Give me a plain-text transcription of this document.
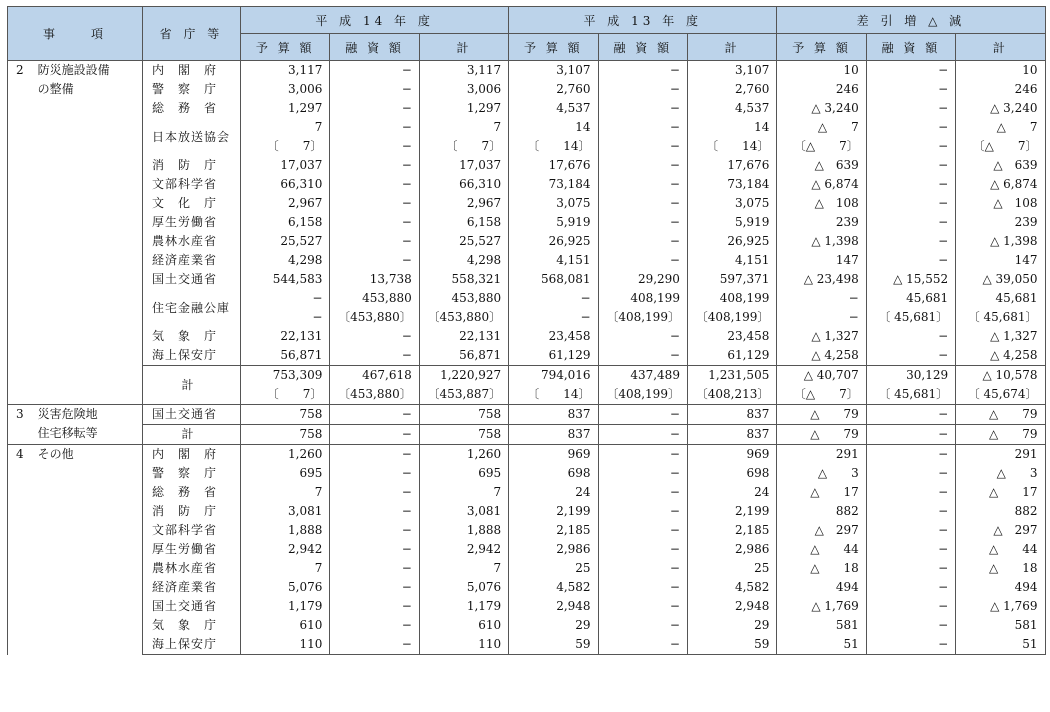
事　　項	省 庁 等	平 成 14 年 度			平 成 13 年 度			差 引 増 △ 減		
		予 算 額	融 資 額	計	予 算 額	融 資 額	計	予 算 額	融 資 額	計

2 防災施設設備
の整備	内　閣　府	3,117	−	3,117	3,107	−	3,107	10	−	10
	警　察　庁	3,006	−	3,006	2,760	−	2,760	246	−	246
	総　務　省	1,297	−	1,297	4,537	−	4,537	△ 3,240	−	△ 3,240
	日本放送協会	7	−	7	14	−	14	△　　7	−	△　　7
		〔　　7〕	−	〔　　7〕	〔　　14〕	−	〔　　14〕	〔△　　7〕	−	〔△　　7〕
	消　防　庁	17,037	−	17,037	17,676	−	17,676	△　639	−	△　639
	文部科学省	66,310	−	66,310	73,184	−	73,184	△ 6,874	−	△ 6,874
	文　化　庁	2,967	−	2,967	3,075	−	3,075	△　108	−	△　108
	厚生労働省	6,158	−	6,158	5,919	−	5,919	239	−	239
	農林水産省	25,527	−	25,527	26,925	−	26,925	△ 1,398	−	△ 1,398
	経済産業省	4,298	−	4,298	4,151	−	4,151	147	−	147
	国土交通省	544,583	13,738	558,321	568,081	29,290	597,371	△ 23,498	△ 15,552	△ 39,050
	住宅金融公庫	−	453,880	453,880	−	408,199	408,199	−	45,681	45,681
		−	〔453,880〕	〔453,880〕	−	〔408,199〕	〔408,199〕	−	〔 45,681〕	〔 45,681〕
	気　象　庁	22,131	−	22,131	23,458	−	23,458	△ 1,327	−	△ 1,327
	海上保安庁	56,871	−	56,871	61,129	−	61,129	△ 4,258	−	△ 4,258
	計	753,309	467,618	1,220,927	794,016	437,489	1,231,505	△ 40,707	30,129	△ 10,578
		〔　　7〕	〔453,880〕	〔453,887〕	〔　　14〕	〔408,199〕	〔408,213〕	〔△　　7〕	〔 45,681〕	〔 45,674〕

3 災害危険地
住宅移転等	国土交通省	758	−	758	837	−	837	△　　79	−	△　　79
	計	758	−	758	837	−	837	△　　79	−	△　　79

4 その他	内　閣　府	1,260	−	1,260	969	−	969	291	−	291
	警　察　庁	695	−	695	698	−	698	△　　3	−	△　　3
	総　務　省	7	−	7	24	−	24	△　　17	−	△　　17
	消　防　庁	3,081	−	3,081	2,199	−	2,199	882	−	882
	文部科学省	1,888	−	1,888	2,185	−	2,185	△　297	−	△　297
	厚生労働省	2,942	−	2,942	2,986	−	2,986	△　　44	−	△　　44
	農林水産省	7	−	7	25	−	25	△　　18	−	△　　18
	経済産業省	5,076	−	5,076	4,582	−	4,582	494	−	494
	国土交通省	1,179	−	1,179	2,948	−	2,948	△ 1,769	−	△ 1,769
	気　象　庁	610	−	610	29	−	29	581	−	581
	海上保安庁	110	−	110	59	−	59	51	−	51
